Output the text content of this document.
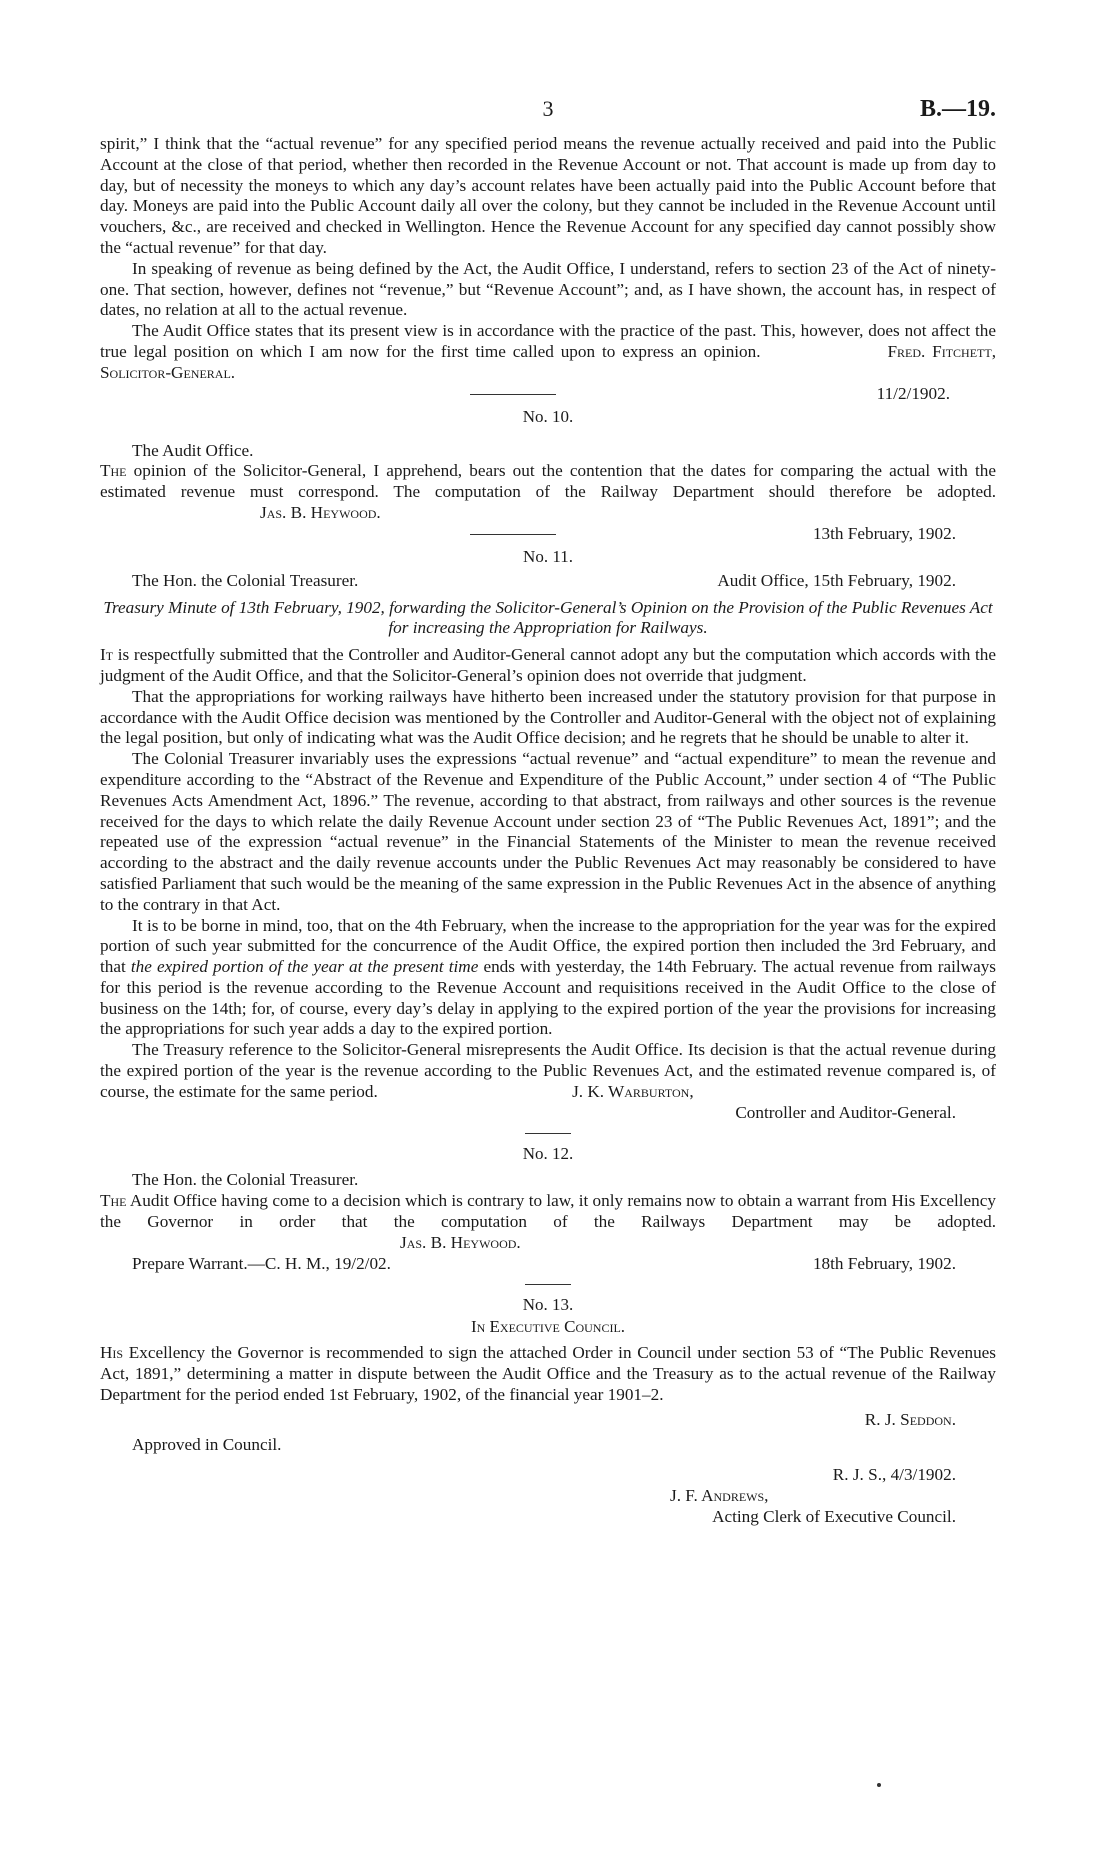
3	B.—19.

spirit,” I think that the “actual revenue” for any specified period means the revenue actually received and paid into the Public Account at the close of that period, whether then recorded in the Revenue Account or not. That account is made up from day to day, but of necessity the moneys to which any day’s account relates have been actually paid into the Public Account before that day. Moneys are paid into the Public Account daily all over the colony, but they cannot be included in the Revenue Account until vouchers, &c., are received and checked in Wellington. Hence the Revenue Account for any specified day cannot possibly show the “actual revenue” for that day.

In speaking of revenue as being defined by the Act, the Audit Office, I understand, refers to section 23 of the Act of ninety-one. That section, however, defines not “revenue,” but “Revenue Account”; and, as I have shown, the account has, in respect of dates, no relation at all to the actual revenue.

The Audit Office states that its present view is in accordance with the practice of the past. This, however, does not affect the true legal position on which I am now for the first time called upon to express an opinion.	Fred. Fitchett, Solicitor-General.

11/2/1902.
No. 10.

The Audit Office.

The opinion of the Solicitor-General, I apprehend, bears out the contention that the dates for comparing the actual with the estimated revenue must correspond. The computation of the Railway Department should therefore be adopted. Jas. B. Heywood.

13th February, 1902.
No. 11.
The Hon. the Colonial Treasurer.	Audit Office, 15th February, 1902.

Treasury Minute of 13th February, 1902, forwarding the Solicitor-General’s Opinion on the Provision of the Public Revenues Act for increasing the Appropriation for Railways.

It is respectfully submitted that the Controller and Auditor-General cannot adopt any but the computation which accords with the judgment of the Audit Office, and that the Solicitor-General’s opinion does not override that judgment.

That the appropriations for working railways have hitherto been increased under the statutory provision for that purpose in accordance with the Audit Office decision was mentioned by the Controller and Auditor-General with the object not of explaining the legal position, but only of indicating what was the Audit Office decision; and he regrets that he should be unable to alter it.

The Colonial Treasurer invariably uses the expressions “actual revenue” and “actual expenditure” to mean the revenue and expenditure according to the “Abstract of the Revenue and Expenditure of the Public Account,” under section 4 of “The Public Revenues Acts Amendment Act, 1896.” The revenue, according to that abstract, from railways and other sources is the revenue received for the days to which relate the daily Revenue Account under section 23 of “The Public Revenues Act, 1891”; and the repeated use of the expression “actual revenue” in the Financial Statements of the Minister to mean the revenue received according to the abstract and the daily revenue accounts under the Public Revenues Act may reasonably be considered to have satisfied Parliament that such would be the meaning of the same expression in the Public Revenues Act in the absence of anything to the contrary in that Act.

It is to be borne in mind, too, that on the 4th February, when the increase to the appropriation for the year was for the expired portion of such year submitted for the concurrence of the Audit Office, the expired portion then included the 3rd February, and that the expired portion of the year at the present time ends with yesterday, the 14th February. The actual revenue from railways for this period is the revenue according to the Revenue Account and requisitions received in the Audit Office to the close of business on the 14th; for, of course, every day’s delay in applying to the expired portion of the year the provisions for increasing the appropriations for such year adds a day to the expired portion.

The Treasury reference to the Solicitor-General misrepresents the Audit Office. Its decision is that the actual revenue during the expired portion of the year is the revenue according to the Public Revenues Act, and the estimated revenue compared is, of course, the estimate for the same period.	J. K. Warburton,

Controller and Auditor-General.

No. 12.

The Hon. the Colonial Treasurer.

The Audit Office having come to a decision which is contrary to law, it only remains now to obtain a warrant from His Excellency the Governor in order that the computation of the Railways Department may be adopted. Jas. B. Heywood.

Prepare Warrant.—C. H. M., 19/2/02.	18th February, 1902.
No. 13.
In Executive Council.

His Excellency the Governor is recommended to sign the attached Order in Council under section 53 of “The Public Revenues Act, 1891,” determining a matter in dispute between the Audit Office and the Treasury as to the actual revenue of the Railway Department for the period ended 1st February, 1902, of the financial year 1901–2.

R. J. Seddon.

Approved in Council.

R. J. S., 4/3/1902.

J. F. Andrews,

Acting Clerk of Executive Council.
